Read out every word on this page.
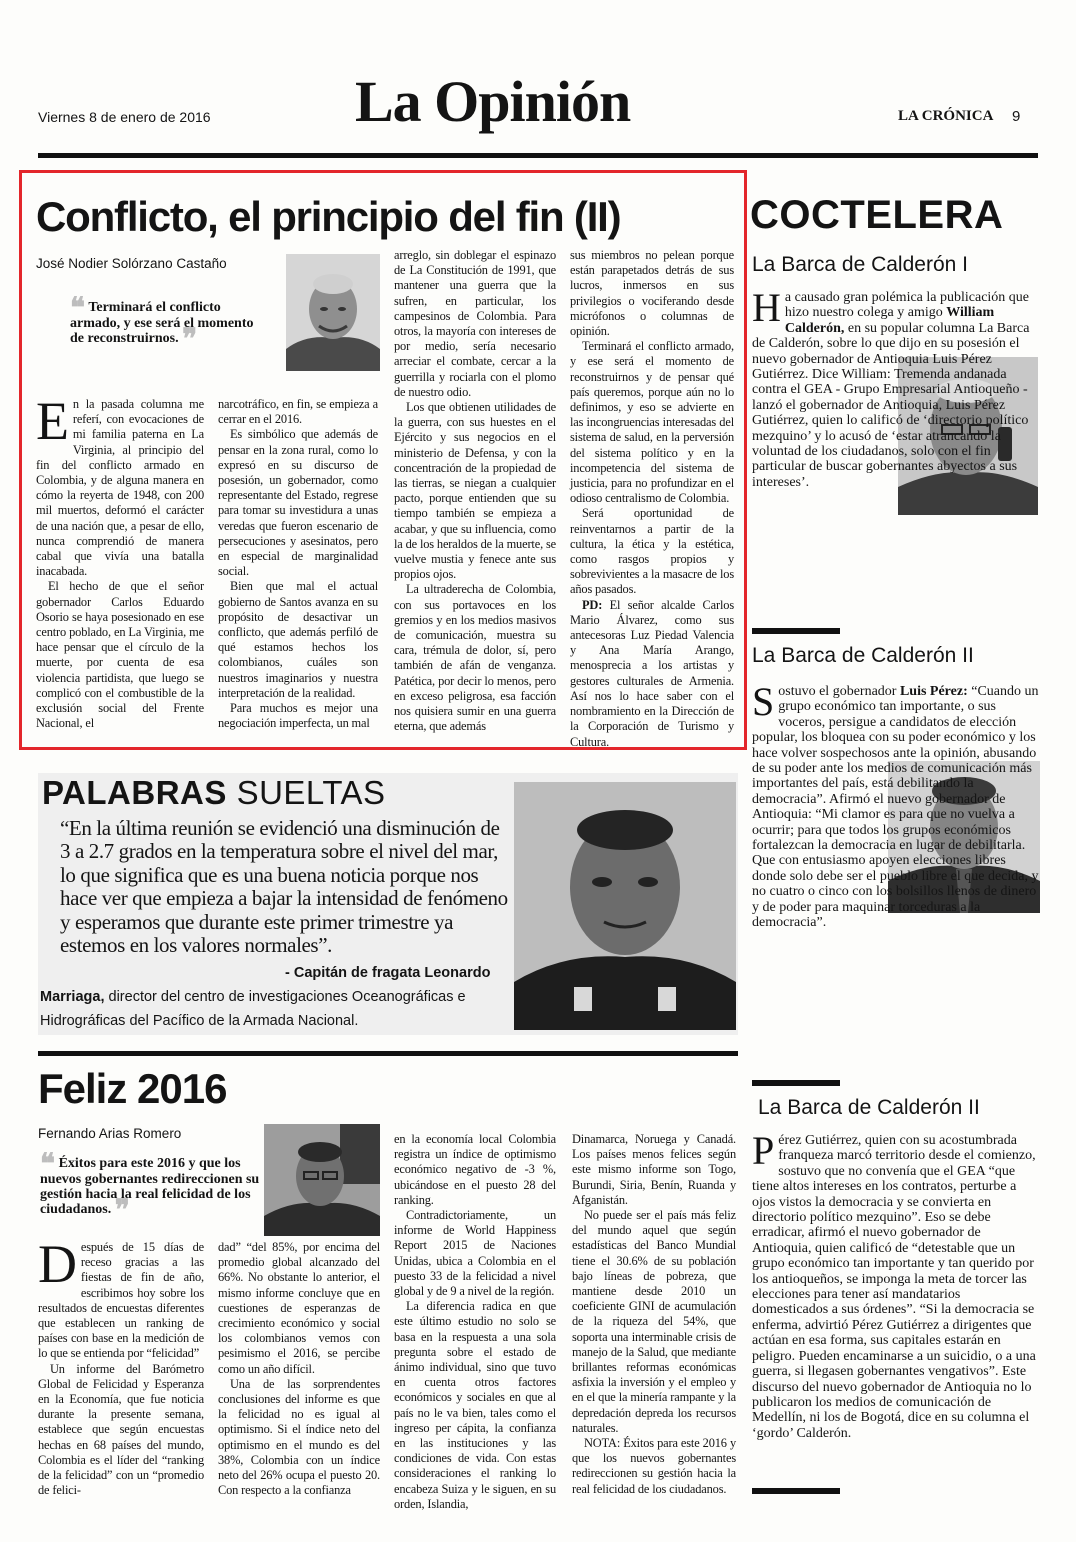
Viernes 8 de enero de 2016 La Opinión	LA CRÓNICA 9
Conflicto, el principio del fin (II)
José Nodier Solórzano Castaño
❝ Terminará el conflicto armado, y ese será el momento de reconstruirnos. ❞
E n la pasada columna me referí, con evocaciones de mi familia paterna en La Virginia, al principio del fin del conflicto armado en Colombia, y de alguna manera en cómo la reyerta de 1948, con 200 mil muertos, deformó el carácter de una nación que, a pesar de ello, nunca comprendió de manera cabal que vivía una batalla inacabada.

El hecho de que el señor gobernador Carlos Eduardo Osorio se haya posesionado en ese centro poblado, en La Virginia, me hace pensar que el círculo de la muerte, por cuenta de esa violencia partidista, que luego se complicó con el combustible de la exclusión social del Frente Nacional, el

narcotráfico, en fin, se empieza a cerrar en el 2016.

Es simbólico que además de pensar en la zona rural, como lo expresó en su discurso de posesión, un gobernador, como representante del Estado, regrese para tomar su investidura a unas veredas que fueron escenario de persecuciones y asesinatos, pero en especial de marginalidad social.

Bien que mal el actual gobierno de Santos avanza en su propósito de desactivar un conflicto, que además perfiló de qué estamos hechos los colombianos, cuáles son nuestros imaginarios y nuestra interpretación de la realidad.

Para muchos es mejor una negociación imperfecta, un mal

arreglo, sin doblegar el espinazo de La Constitución de 1991, que mantener una guerra que la sufren, en particular, los campesinos de Colombia. Para otros, la mayoría con intereses de por medio, sería necesario arreciar el combate, cercar a la guerrilla y rociarla con el plomo de nuestro odio.

Los que obtienen utilidades de la guerra, con sus huestes en el Ejército y sus negocios en el ministerio de Defensa, y con la concentración de la propiedad de las tierras, se niegan a cualquier pacto, porque entienden que su tiempo también se empieza a acabar, y que su influencia, como la de los heraldos de la muerte, se vuelve mustia y fenece ante sus propios ojos.

La ultraderecha de Colombia, con sus portavoces en los gremios y en los medios masivos de comunicación, muestra su cara, trémula de dolor, sí, pero también de afán de venganza. Patética, por decir lo menos, pero en exceso peligrosa, esa facción nos quisiera sumir en una guerra eterna, que además

sus miembros no pelean porque están parapetados detrás de sus lucros, inmersos en sus privilegios o vociferando desde micrófonos o columnas de opinión.

Terminará el conflicto armado, y ese será el momento de reconstruirnos y de pensar qué país queremos, porque aún no lo definimos, y eso se advierte en las incongruencias interesadas del sistema de salud, en la perversión del sistema político y en la incompetencia del sistema de justicia, para no profundizar en el odioso centralismo de Colombia.

Será oportunidad de reinventarnos a partir de la cultura, la ética y la estética, como rasgos propios y sobrevivientes a la masacre de los años pasados.

PD: El señor alcalde Carlos Mario Álvarez, como sus antecesoras Luz Piedad Valencia y Ana María Arango, menosprecia a los artistas y gestores culturales de Armenia. Así nos lo hace saber con el nombramiento en la Dirección de la Corporación de Turismo y Cultura.

PALABRAS SUELTAS
“En la última reunión se evidenció una disminución de 3 a 2.7 grados en la temperatura sobre el nivel del mar, lo que significa que es una buena noticia porque nos hace ver que empieza a bajar la intensidad de fenómeno y esperamos que durante este primer trimestre ya estemos en los valores normales”.
- Capitán de fragata Leonardo Marriaga, director del centro de investigaciones Oceanográficas e Hidrográficas del Pacífico de la Armada Nacional.
Feliz 2016
Fernando Arias Romero
❝ Éxitos para este 2016 y que los nuevos gobernantes redireccionen su gestión hacia la real felicidad de los ciudadanos. ❞
D espués de 15 días de receso gracias a las fiestas de fin de año, escribimos hoy sobre los resultados de encuestas diferentes que establecen un ranking de países con base en la medición de lo que se entienda por “felicidad”

Un informe del Barómetro Global de Felicidad y Esperanza en la Economía, que fue noticia durante la presente semana, establece que según encuestas hechas en 68 países del mundo, Colombia es el líder del “ranking de la felicidad” con un “promedio de felici-

dad” “del 85%, por encima del promedio global alcanzado del 66%. No obstante lo anterior, el mismo informe concluye que en cuestiones de esperanzas de crecimiento económico y social los colombianos vemos con pesimismo el 2016, se percibe como un año difícil.

Una de las sorprendentes conclusiones del informe es que la felicidad no es igual al optimismo. Si el índice neto del optimismo en el mundo es del 38%, Colombia con un índice neto del 26% ocupa el puesto 20. Con respecto a la confianza

en la economía local Colombia registra un índice de optimismo económico negativo de -3 %, ubicándose en el puesto 28 del ranking.

Contradictoriamente, un informe de World Happiness Report 2015 de Naciones Unidas, ubica a Colombia en el puesto 33 de la felicidad a nivel global y de 9 a nivel de la región.

La diferencia radica en que este último estudio no solo se basa en la respuesta a una sola pregunta sobre el estado de ánimo individual, sino que tuvo en cuenta otros factores económicos y sociales en que al país no le va bien, tales como el ingreso per cápita, la confianza en las instituciones y las condiciones de vida. Con estas consideraciones el ranking lo encabeza Suiza y le siguen, en su orden, Islandia,

Dinamarca, Noruega y Canadá. Los países menos felices según este mismo informe son Togo, Burundi, Siria, Benín, Ruanda y Afganistán.

No puede ser el país más feliz del mundo aquel que según estadísticas del Banco Mundial tiene el 30.6% de su población bajo líneas de pobreza, que mantiene desde 2010 un coeficiente GINI de acumulación de la riqueza del 54%, que soporta una interminable crisis de manejo de la Salud, que mediante brillantes reformas económicas asfixia la inversión y el empleo y en el que la minería rampante y la depredación depreda los recursos naturales.

NOTA: Éxitos para este 2016 y que los nuevos gobernantes redireccionen su gestión hacia la real felicidad de los ciudadanos.

COCTELERA
La Barca de Calderón I
H a causado gran polémica la publicación que hizo nuestro colega y amigo William Calderón, en su popular columna La Barca de Calderón, sobre lo que dijo en su posesión el nuevo gobernador de Antioquia Luis Pérez Gutiérrez. Dice William: Tremenda andanada contra el GEA - Grupo Empresarial Antioqueño - lanzó el gobernador de Antioquia, Luis Pérez Gutiérrez, quien lo calificó de ‘directorio político mezquino’ y lo acusó de ‘estar atrancando la voluntad de los ciudadanos, solo con el fin particular de buscar gobernantes abyectos a sus intereses’.
La Barca de Calderón II
S ostuvo el gobernador Luis Pérez: “Cuando un grupo económico tan importante, o sus voceros, persigue a candidatos de elección popular, los bloquea con su poder económico y los hace volver sospechosos ante la opinión, abusando de su poder ante los medios de comunicación más importantes del país, está debilitando la democracia”. Afirmó el nuevo gobernador de Antioquia: “Mi clamor es para que no vuelva a ocurrir; para que todos los grupos económicos fortalezcan la democracia en lugar de debilitarla. Que con entusiasmo apoyen elecciones libres donde solo debe ser el pueblo libre el que decida, y no cuatro o cinco con los bolsillos llenos de dinero y de poder para maquinar torceduras a la democracia”.
La Barca de Calderón II
P érez Gutiérrez, quien con su acostumbrada franqueza marcó territorio desde el comienzo, sostuvo que no convenía que el GEA “que tiene altos intereses en los contratos, perturbe a ojos vistos la democracia y se convierta en directorio político mezquino”. Eso se debe erradicar, afirmó el nuevo gobernador de Antioquia, quien calificó de “detestable que un grupo económico tan importante y tan querido por los antioqueños, se imponga la meta de torcer las elecciones para tener así mandatarios domesticados a sus órdenes”. “Si la democracia se enferma, advirtió Pérez Gutiérrez a dirigentes que actúan en esa forma, sus capitales estarán en peligro. Pueden encaminarse a un suicidio, o a una guerra, si llegasen gobernantes vengativos”. Este discurso del nuevo gobernador de Antioquia no lo publicaron los medios de comunicación de Medellín, ni los de Bogotá, dice en su columna el ‘gordo’ Calderón.
